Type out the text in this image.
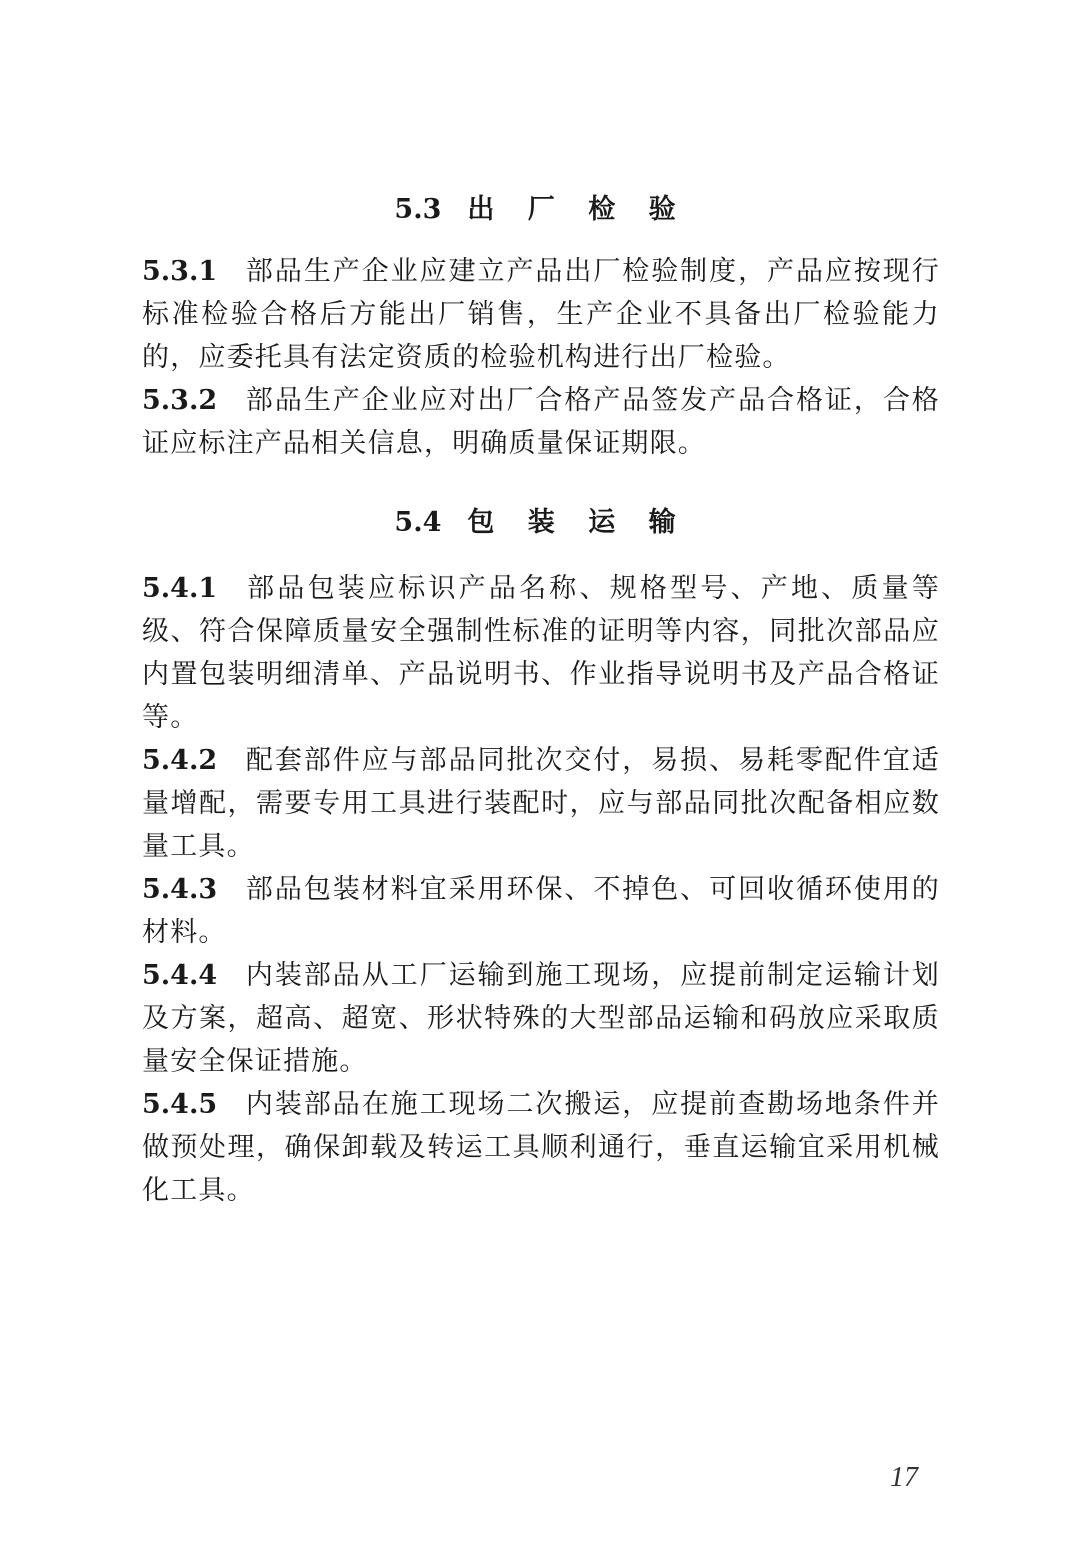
5.3 出 厂 检 验

5.3.1 部品生产企业应建立产品出厂检验制度，产品应按现行标准检验合格后方能出厂销售，生产企业不具备出厂检验能力的，应委托具有法定资质的检验机构进行出厂检验。

5.3.2 部品生产企业应对出厂合格产品签发产品合格证，合格证应标注产品相关信息，明确质量保证期限。

5.4 包 装 运 输

5.4.1 部品包装应标识产品名称、规格型号、产地、质量等级、符合保障质量安全强制性标准的证明等内容，同批次部品应内置包装明细清单、产品说明书、作业指导说明书及产品合格证等。

5.4.2 配套部件应与部品同批次交付，易损、易耗零配件宜适量增配，需要专用工具进行装配时，应与部品同批次配备相应数量工具。

5.4.3 部品包装材料宜采用环保、不掉色、可回收循环使用的材料。

5.4.4 内装部品从工厂运输到施工现场，应提前制定运输计划及方案，超高、超宽、形状特殊的大型部品运输和码放应采取质量安全保证措施。

5.4.5 内装部品在施工现场二次搬运，应提前查勘场地条件并做预处理，确保卸载及转运工具顺利通行，垂直运输宜采用机械化工具。

17
